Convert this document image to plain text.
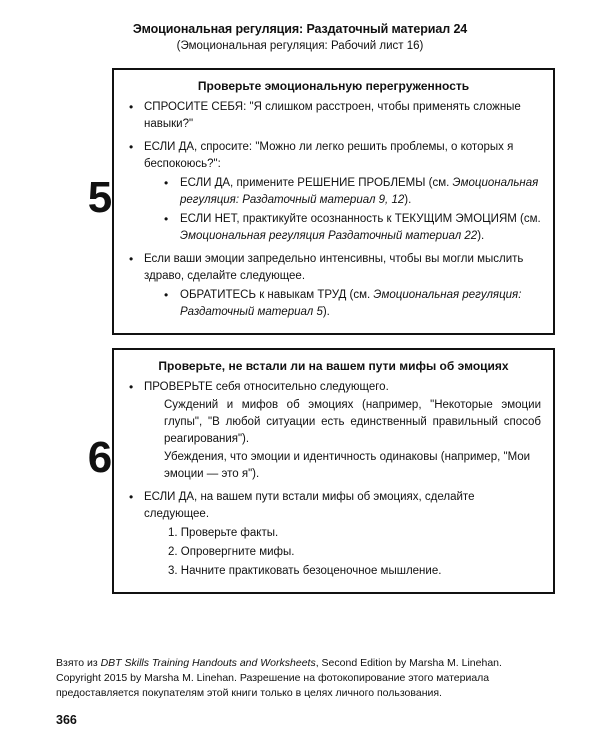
Эмоциональная регуляция: Раздаточный материал 24
(Эмоциональная регуляция: Рабочий лист 16)
5
Проверьте эмоциональную перегруженность
• СПРОСИТЕ СЕБЯ: "Я слишком расстроен, чтобы применять сложные навыки?"
• ЕСЛИ ДА, спросите: "Можно ли легко решить проблемы, о которых я беспокоюсь?":
• ЕСЛИ ДА, примените РЕШЕНИЕ ПРОБЛЕМЫ (см. Эмоциональная регуляция: Раздаточный материал 9, 12).
• ЕСЛИ НЕТ, практикуйте осознанность к ТЕКУЩИМ ЭМОЦИЯМ (см. Эмоциональная регуляция Раздаточный материал 22).
• Если ваши эмоции запредельно интенсивны, чтобы вы могли мыслить здраво, сделайте следующее.
• ОБРАТИТЕСЬ к навыкам ТРУД (см. Эмоциональная регуляция: Раздаточный материал 5).
6
Проверьте, не встали ли на вашем пути мифы об эмоциях
• ПРОВЕРЬТЕ себя относительно следующего.
Суждений и мифов об эмоциях (например, "Некоторые эмоции глупы", "В любой ситуации есть единственный правильный способ реагирования").
Убеждения, что эмоции и идентичность одинаковы (например, "Мои эмоции — это я").
• ЕСЛИ ДА, на вашем пути встали мифы об эмоциях, сделайте следующее.
1. Проверьте факты.
2. Опровергните мифы.
3. Начните практиковать безоценочное мышление.
Взято из DBT Skills Training Handouts and Worksheets, Second Edition by Marsha M. Linehan. Copyright 2015 by Marsha M. Linehan. Разрешение на фотокопирование этого материала предоставляется покупателям этой книги только в целях личного пользования.
366
